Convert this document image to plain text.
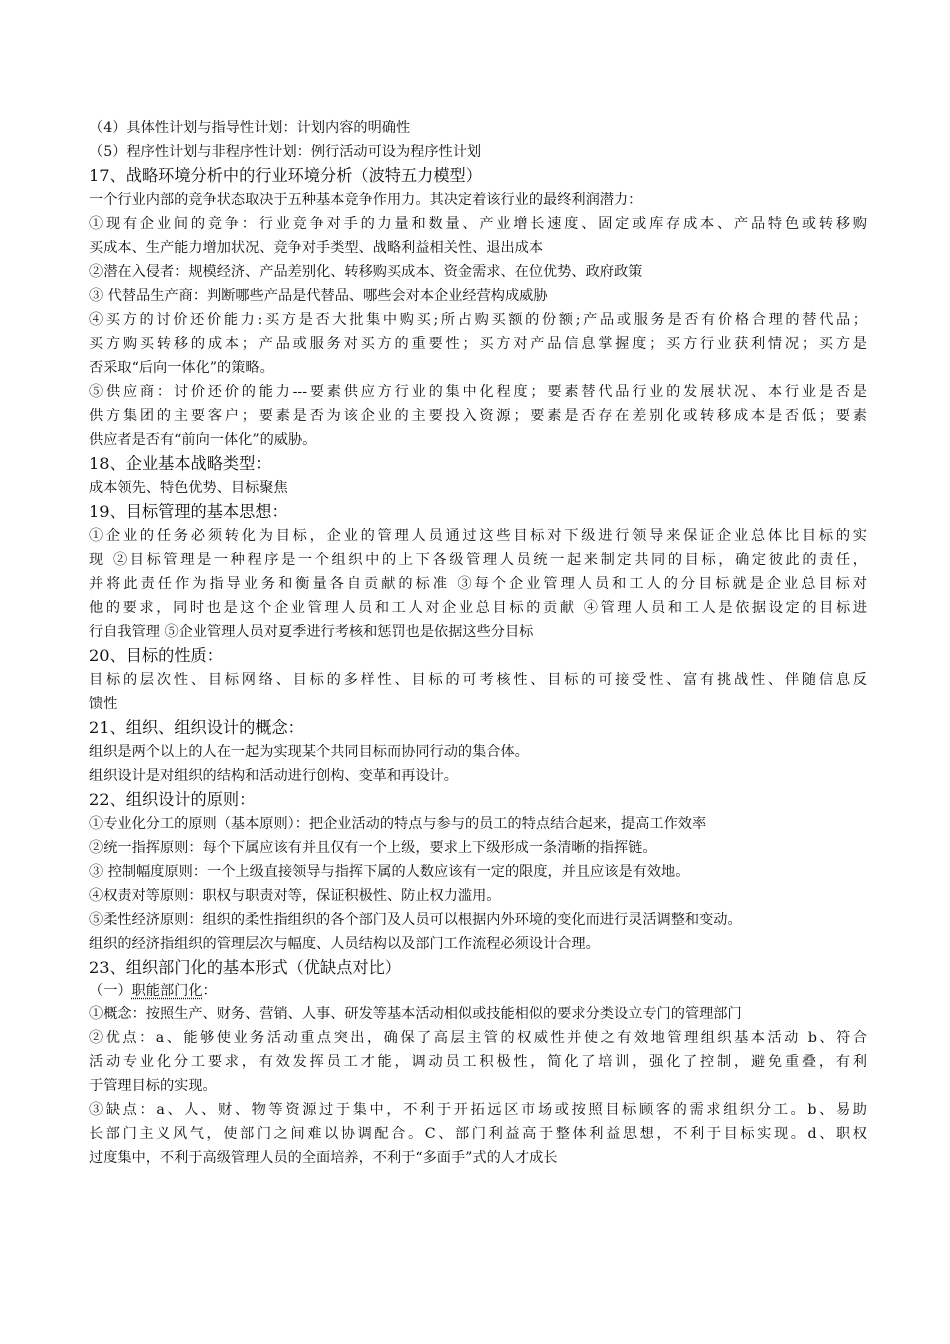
（4）具体性计划与指导性计划：计划内容的明确性
（5）程序性计划与非程序性计划：例行活动可设为程序性计划
17、战略环境分析中的行业环境分析（波特五力模型）
一个行业内部的竞争状态取决于五种基本竞争作用力。其决定着该行业的最终利润潜力：
①现有企业间的竞争：行业竞争对手的力量和数量、产业增长速度、固定或库存成本、产品特色或转移购
买成本、生产能力增加状况、竞争对手类型、战略利益相关性、退出成本
②潜在入侵者：规模经济、产品差别化、转移购买成本、资金需求、在位优势、政府政策
③ 代替品生产商：判断哪些产品是代替品、哪些会对本企业经营构成威胁
④买方的讨价还价能力:买方是否大批集中购买;所占购买额的份额;产品或服务是否有价格合理的替代品；
买方购买转移的成本；产品或服务对买方的重要性；买方对产品信息掌握度；买方行业获利情况；买方是
否采取“后向一体化”的策略。
⑤供应商：讨价还价的能力---要素供应方行业的集中化程度；要素替代品行业的发展状况、本行业是否是
供方集团的主要客户；要素是否为该企业的主要投入资源；要素是否存在差别化或转移成本是否低；要素
供应者是否有“前向一体化”的威胁。
18、企业基本战略类型：
成本领先、特色优势、目标聚焦
19、目标管理的基本思想：
①企业的任务必须转化为目标，企业的管理人员通过这些目标对下级进行领导来保证企业总体比目标的实
现 ②目标管理是一种程序是一个组织中的上下各级管理人员统一起来制定共同的目标，确定彼此的责任，
并将此责任作为指导业务和衡量各自贡献的标准 ③每个企业管理人员和工人的分目标就是企业总目标对
他的要求，同时也是这个企业管理人员和工人对企业总目标的贡献 ④管理人员和工人是依据设定的目标进
行自我管理 ⑤企业管理人员对夏季进行考核和惩罚也是依据这些分目标
20、目标的性质：
目标的层次性、目标网络、目标的多样性、目标的可考核性、目标的可接受性、富有挑战性、伴随信息反
馈性
21、组织、组织设计的概念：
组织是两个以上的人在一起为实现某个共同目标而协同行动的集合体。
组织设计是对组织的结构和活动进行创构、变革和再设计。
22、组织设计的原则：
①专业化分工的原则（基本原则）：把企业活动的特点与参与的员工的特点结合起来，提高工作效率
②统一指挥原则：每个下属应该有并且仅有一个上级，要求上下级形成一条清晰的指挥链。
③ 控制幅度原则：一个上级直接领导与指挥下属的人数应该有一定的限度，并且应该是有效地。
④权责对等原则：职权与职责对等，保证积极性、防止权力滥用。
⑤柔性经济原则：组织的柔性指组织的各个部门及人员可以根据内外环境的变化而进行灵活调整和变动。
组织的经济指组织的管理层次与幅度、人员结构以及部门工作流程必须设计合理。
23、组织部门化的基本形式（优缺点对比）
（一）职能部门化：
①概念：按照生产、财务、营销、人事、研发等基本活动相似或技能相似的要求分类设立专门的管理部门
②优点：a、能够使业务活动重点突出，确保了高层主管的权威性并使之有效地管理组织基本活动 b、符合
活动专业化分工要求，有效发挥员工才能，调动员工积极性，简化了培训，强化了控制，避免重叠，有利
于管理目标的实现。
③缺点：a、人、财、物等资源过于集中，不利于开拓远区市场或按照目标顾客的需求组织分工。b、易助
长部门主义风气，使部门之间难以协调配合。C、部门利益高于整体利益思想，不利于目标实现。d、职权
过度集中，不利于高级管理人员的全面培养，不利于“多面手”式的人才成长
